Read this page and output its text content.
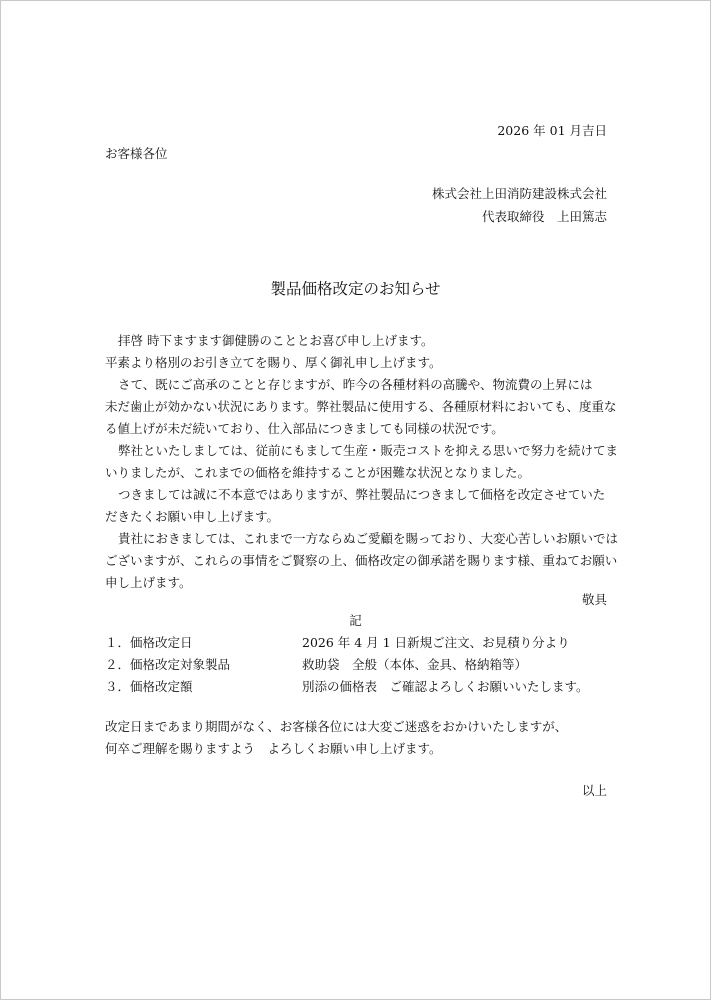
2026 年 01 月吉日
お客様各位
株式会社上田消防建設株式会社
代表取締役　上田篤志
製品価格改定のお知らせ
拝啓 時下ますます御健勝のこととお喜び申し上げます。
平素より格別のお引き立てを賜り、厚く御礼申し上げます。
さて、既にご高承のことと存じますが、昨今の各種材料の高騰や、物流費の上昇には
未だ歯止が効かない状況にあります。弊社製品に使用する、各種原材料においても、度重な
る値上げが未だ続いており、仕入部品につきましても同様の状況です。
弊社といたしましては、従前にもまして生産・販売コストを抑える思いで努力を続けてま
いりましたが、これまでの価格を維持することが困難な状況となりました。
つきましては誠に不本意ではありますが、弊社製品につきまして価格を改定させていた
だきたくお願い申し上げます。
貴社におきましては、これまで一方ならぬご愛顧を賜っており、大変心苦しいお願いでは
ございますが、これらの事情をご賢察の上、価格改定の御承諾を賜ります様、重ねてお願い
申し上げます。
敬具
記
１．価格改定日	2026 年 4 月 1 日新規ご注文、お見積り分より
２．価格改定対象製品	救助袋　全般（本体、金具、格納箱等）
３．価格改定額	別添の価格表　ご確認よろしくお願いいたします。
改定日まであまり期間がなく、お客様各位には大変ご迷惑をおかけいたしますが、
何卒ご理解を賜りますよう　よろしくお願い申し上げます。
以上
